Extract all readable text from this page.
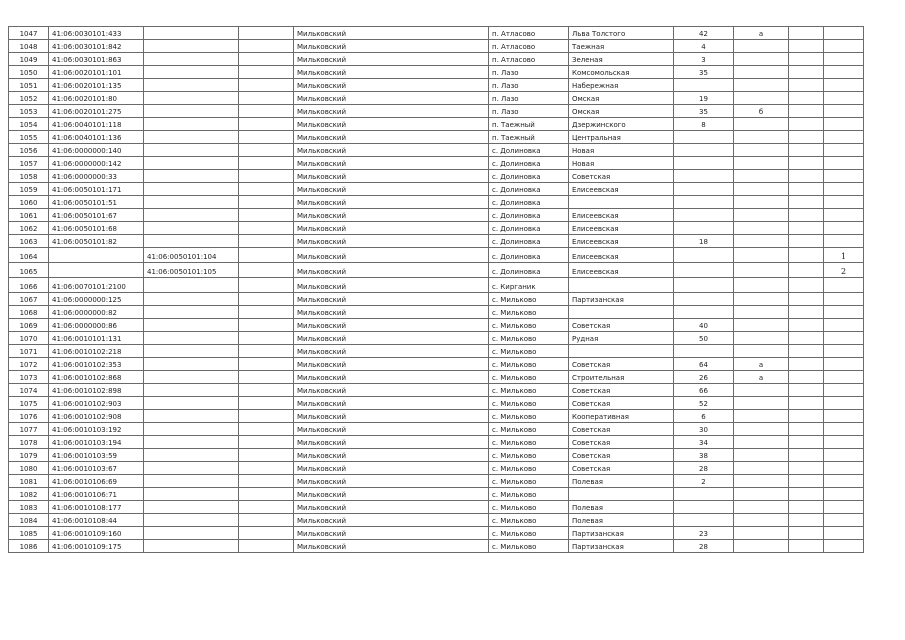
1047	41:06:0030101:433			Мильковский	п. Атласово	Льва Толстого	42	а		
1048	41:06:0030101:842			Мильковский	п. Атласово	Таежная	4			
1049	41:06:0030101:863			Мильковский	п. Атласово	Зеленая	3			
1050	41:06:0020101:101			Мильковский	п. Лазо	Комсомольская	35			
1051	41:06:0020101:135			Мильковский	п. Лазо	Набережная				
1052	41:06:0020101:80			Мильковский	п. Лазо	Омская	19			
1053	41:06:0020101:275			Мильковский	п. Лазо	Омская	35	б		
1054	41:06:0040101:118			Мильковский	п. Таежный	Дзержинского	8			
1055	41:06:0040101:136			Мильковский	п. Таежный	Центральная				
1056	41:06:0000000:140			Мильковский	с. Долиновка	Новая				
1057	41:06:0000000:142			Мильковский	с. Долиновка	Новая				
1058	41:06:0000000:33			Мильковский	с. Долиновка	Советская				
1059	41:06:0050101:171			Мильковский	с. Долиновка	Елисеевская				
1060	41:06:0050101:51			Мильковский	с. Долиновка					
1061	41:06:0050101:67			Мильковский	с. Долиновка	Елисеевская				
1062	41:06:0050101:68			Мильковский	с. Долиновка	Елисеевская				
1063	41:06:0050101:82			Мильковский	с. Долиновка	Елисеевская	18			
1064		41:06:0050101:104		Мильковский	с. Долиновка	Елисеевская				1
1065		41:06:0050101:105		Мильковский	с. Долиновка	Елисеевская				2
1066	41:06:0070101:2100			Мильковский	с. Кирганик					
1067	41:06:0000000:125			Мильковский	с. Мильково	Партизанская				
1068	41:06:0000000:82			Мильковский	с. Мильково					
1069	41:06:0000000:86			Мильковский	с. Мильково	Советская	40			
1070	41:06:0010101:131			Мильковский	с. Мильково	Рудная	50			
1071	41:06:0010102:218			Мильковский	с. Мильково					
1072	41:06:0010102:353			Мильковский	с. Мильково	Советская	64	а		
1073	41:06:0010102:868			Мильковский	с. Мильково	Строительная	26	а		
1074	41:06:0010102:898			Мильковский	с. Мильково	Советская	66			
1075	41:06:0010102:903			Мильковский	с. Мильково	Советская	52			
1076	41:06:0010102:908			Мильковский	с. Мильково	Кооперативная	6			
1077	41:06:0010103:192			Мильковский	с. Мильково	Советская	30			
1078	41:06:0010103:194			Мильковский	с. Мильково	Советская	34			
1079	41:06:0010103:59			Мильковский	с. Мильково	Советская	38			
1080	41:06:0010103:67			Мильковский	с. Мильково	Советская	28			
1081	41:06:0010106:69			Мильковский	с. Мильково	Полевая	2			
1082	41:06:0010106:71			Мильковский	с. Мильково					
1083	41:06:0010108:177			Мильковский	с. Мильково	Полевая				
1084	41:06:0010108:44			Мильковский	с. Мильково	Полевая				
1085	41:06:0010109:160			Мильковский	с. Мильково	Партизанская	23			
1086	41:06:0010109:175			Мильковский	с. Мильково	Партизанская	28			
